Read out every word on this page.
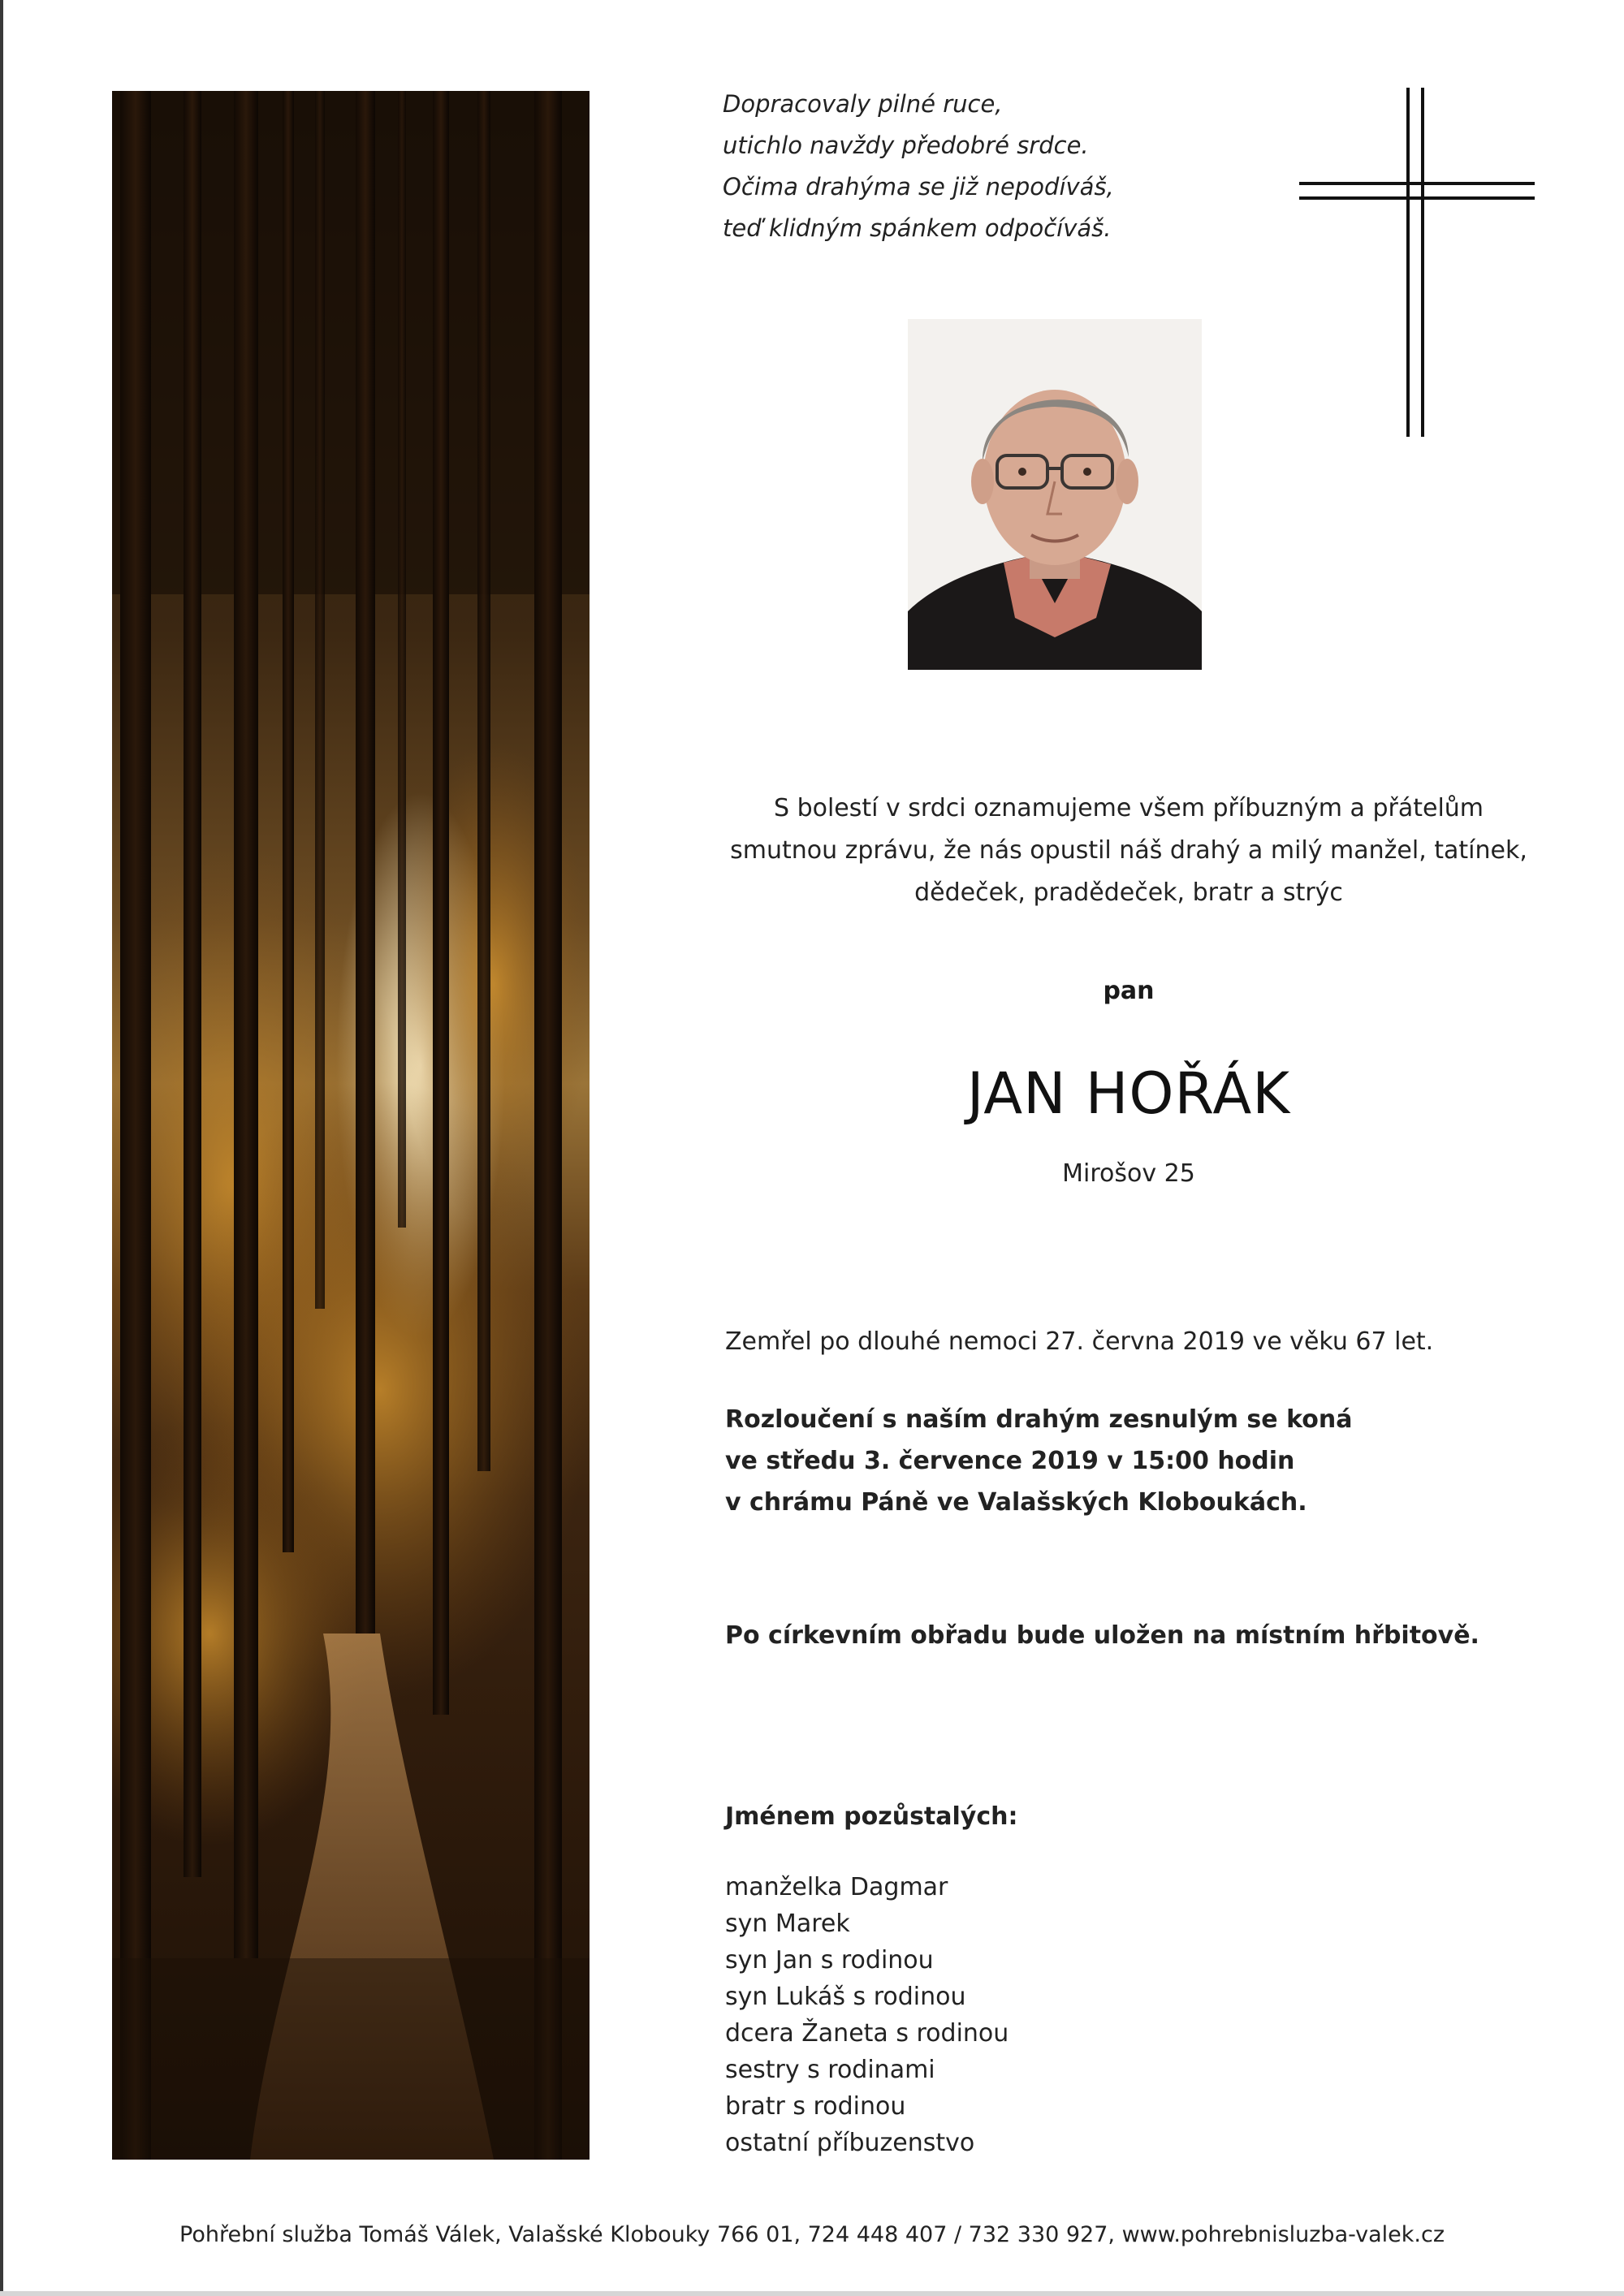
Dopracovaly pilné ruce,
utichlo navždy předobré srdce.
Očima drahýma se již nepodíváš,
teď klidným spánkem odpočíváš.
S bolestí v srdci oznamujeme všem příbuzným a přátelům
smutnou zprávu, že nás opustil náš drahý a milý manžel, tatínek,
dědeček, pradědeček, bratr a strýc
pan
JAN HOŘÁK
Mirošov 25
Zemřel po dlouhé nemoci 27. června 2019 ve věku 67 let.
Rozloučení s naším drahým zesnulým se koná
ve středu 3. července 2019 v 15:00 hodin
v chrámu Páně ve Valašských Kloboukách.
Po církevním obřadu bude uložen na místním hřbitově.
Jménem pozůstalých:
manželka Dagmar
syn Marek
syn Jan s rodinou
syn Lukáš s rodinou
dcera Žaneta s rodinou
sestry s rodinami
bratr s rodinou
ostatní příbuzenstvo
Pohřební služba Tomáš Válek, Valašské Klobouky 766 01, 724 448 407 / 732 330 927, www.pohrebnisluzba-valek.cz
